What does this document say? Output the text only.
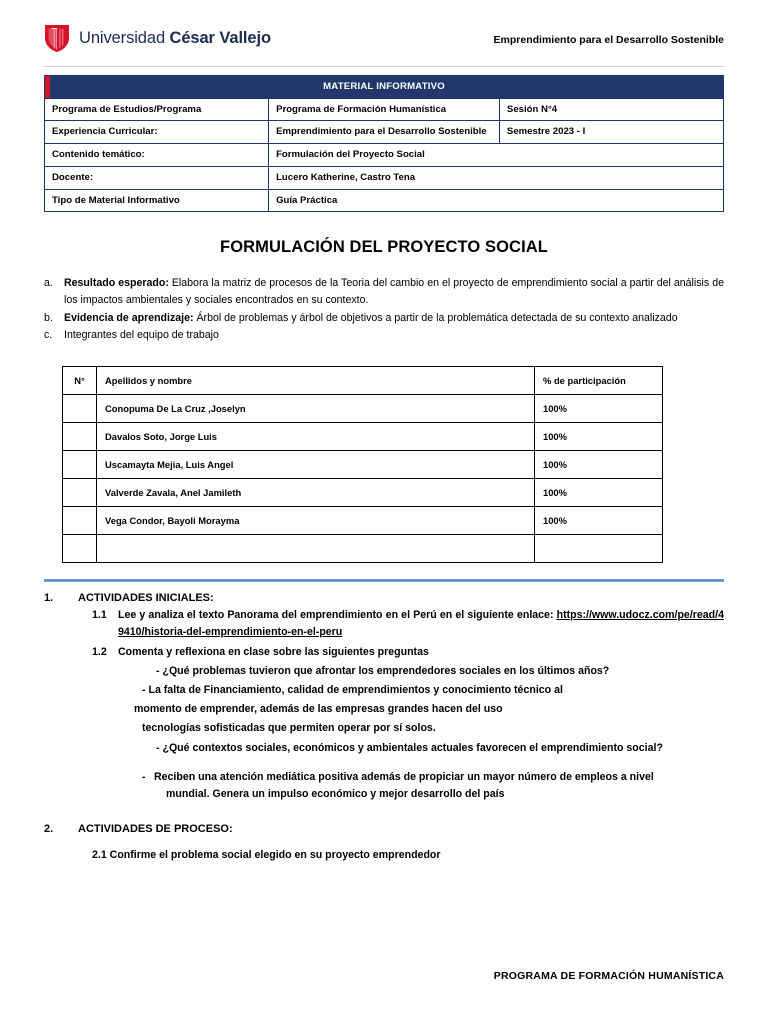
Universidad César Vallejo	Emprendimiento para el Desarrollo Sostenible
MATERIAL INFORMATIVO		
Programa de Estudios/Programa	Programa de Formación Humanística	Sesión N°4
Experiencia Curricular:	Emprendimiento para el Desarrollo Sostenible	Semestre 2023 - I
Contenido temático:	Formulación del Proyecto Social	
Docente:	Lucero Katherine, Castro Tena	
Tipo de Material Informativo	Guía Práctica	
FORMULACIÓN DEL PROYECTO SOCIAL
a.	Resultado esperado: Elabora la matriz de procesos de la Teoria del cambio en el proyecto de emprendimiento social a partir del análisis de los impactos ambientales y sociales encontrados en su contexto.
b.	Evidencia de aprendizaje: Árbol de problemas y árbol de objetivos a partir de la problemática detectada de su contexto analizado
c.	Integrantes del equipo de trabajo
N°	Apellidos y nombre	% de participación
	Conopuma De La Cruz ,Joselyn	100%
	Davalos Soto, Jorge Luis	100%
	Uscamayta Mejia, Luis Angel	100%
	Valverde Zavala, Anel Jamileth	100%
	Vega Condor, Bayoli Morayma	100%

1.	ACTIVIDADES INICIALES:
1.1	Lee y analiza el texto Panorama del emprendimiento en el Perú en el siguiente enlace: https://www.udocz.com/pe/read/49410/historia-del-emprendimiento-en-el-peru
1.2	Comenta y reflexiona en clase sobre las siguientes preguntas
- ¿Qué problemas tuvieron que afrontar los emprendedores sociales en los últimos años?
- La falta de Financiamiento, calidad de emprendimientos y conocimiento técnico al
momento de emprender, además de las empresas grandes hacen del uso
tecnologías sofisticadas que permiten operar por sí solos.
- ¿Qué contextos sociales, económicos y ambientales actuales favorecen el emprendimiento social?
- Reciben una atención mediática positiva además de propiciar un mayor número de empleos a nivel
mundial. Genera un impulso económico y mejor desarrollo del país
2.	ACTIVIDADES DE PROCESO:
2.1 Confirme el problema social elegido en su proyecto emprendedor
PROGRAMA DE FORMACIÓN HUMANÍSTICA
